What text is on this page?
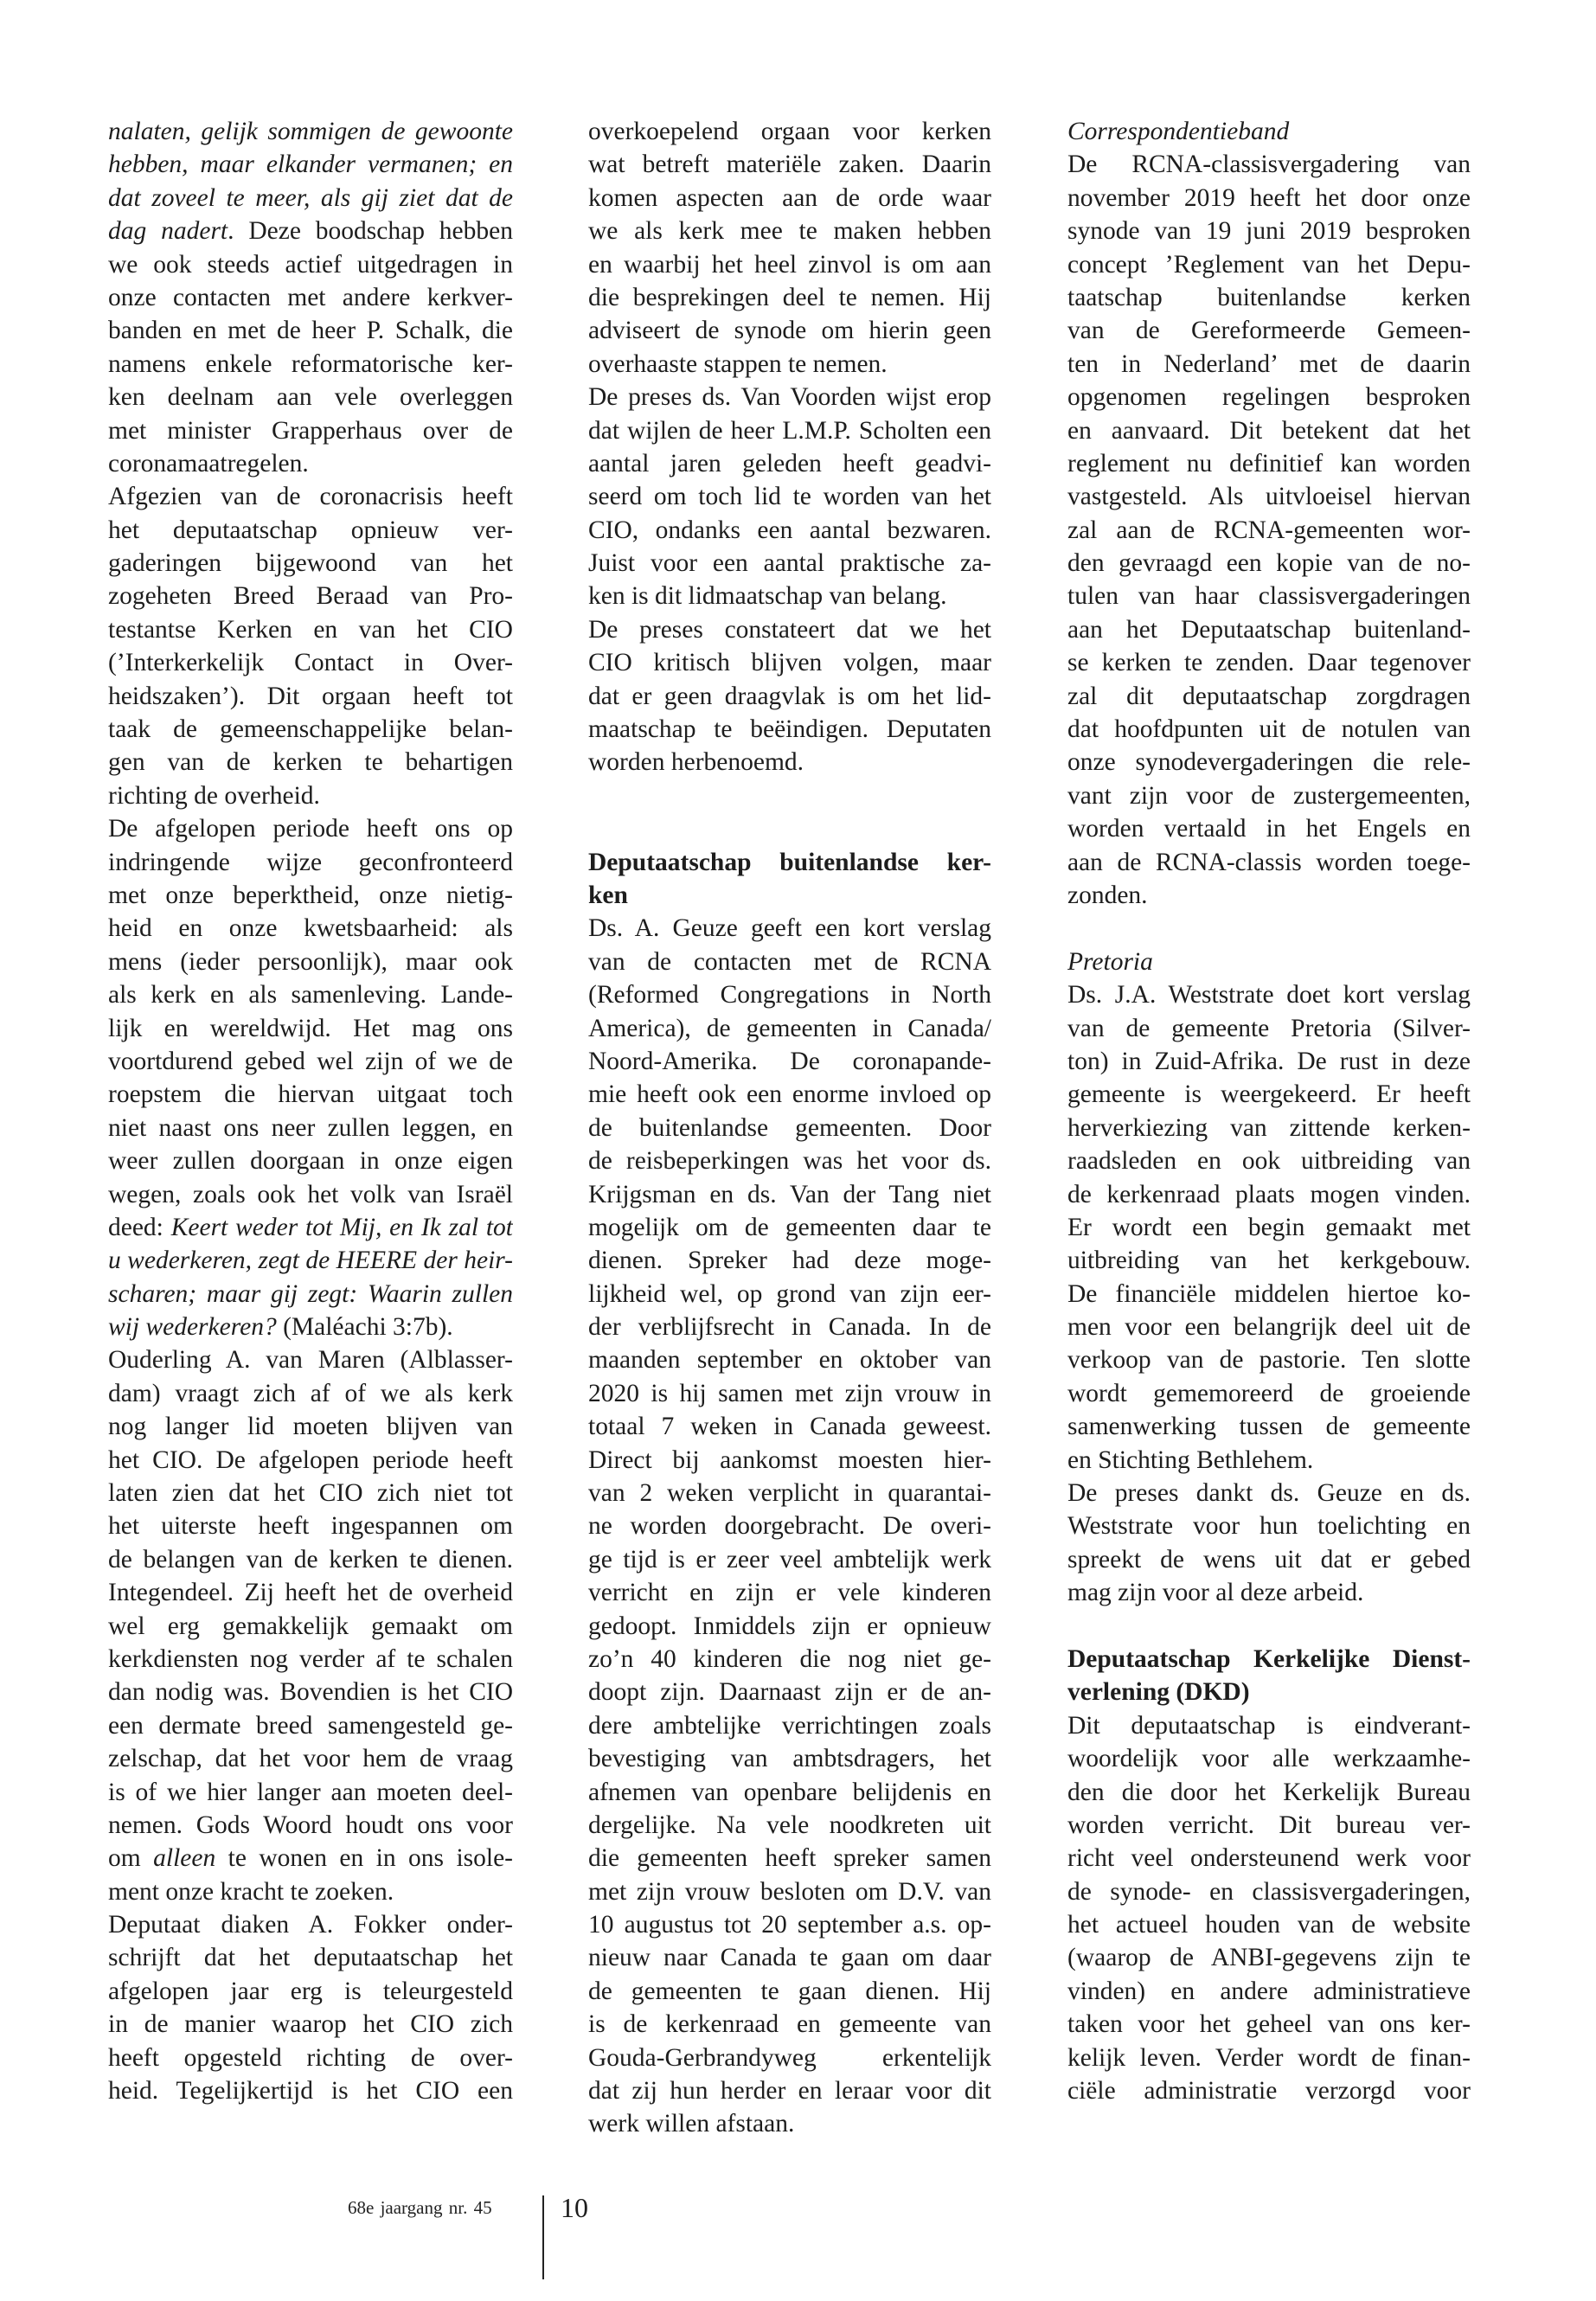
nalaten, gelijk sommigen de gewoonte
hebben, maar elkander vermanen; en
dat zoveel te meer, als gij ziet dat de
dag nadert. Deze boodschap hebben
we ook steeds actief uitgedragen in
onze contacten met andere kerkver-
banden en met de heer P. Schalk, die
namens enkele reformatorische ker-
ken deelnam aan vele overleggen
met minister Grapperhaus over de
coronamaatregelen.
Afgezien van de coronacrisis heeft
het deputaatschap opnieuw ver-
gaderingen bijgewoond van het
zogeheten Breed Beraad van Pro-
testantse Kerken en van het CIO
(’Interkerkelijk Contact in Over-
heidszaken’). Dit orgaan heeft tot
taak de gemeenschappelijke belan-
gen van de kerken te behartigen
richting de overheid.
De afgelopen periode heeft ons op
indringende wijze geconfronteerd
met onze beperktheid, onze nietig-
heid en onze kwetsbaarheid: als
mens (ieder persoonlijk), maar ook
als kerk en als samenleving. Lande-
lijk en wereldwijd. Het mag ons
voortdurend gebed wel zijn of we de
roepstem die hiervan uitgaat toch
niet naast ons neer zullen leggen, en
weer zullen doorgaan in onze eigen
wegen, zoals ook het volk van Israël
deed: Keert weder tot Mij, en Ik zal tot
u wederkeren, zegt de HEERE der heir-
scharen; maar gij zegt: Waarin zullen
wij wederkeren? (Maléachi 3:7b).
Ouderling A. van Maren (Alblasser-
dam) vraagt zich af of we als kerk
nog langer lid moeten blijven van
het CIO. De afgelopen periode heeft
laten zien dat het CIO zich niet tot
het uiterste heeft ingespannen om
de belangen van de kerken te dienen.
Integendeel. Zij heeft het de overheid
wel erg gemakkelijk gemaakt om
kerkdiensten nog verder af te schalen
dan nodig was. Bovendien is het CIO
een dermate breed samengesteld ge-
zelschap, dat het voor hem de vraag
is of we hier langer aan moeten deel-
nemen. Gods Woord houdt ons voor
om alleen te wonen en in ons isole-
ment onze kracht te zoeken.
Deputaat diaken A. Fokker onder-
schrijft dat het deputaatschap het
afgelopen jaar erg is teleurgesteld
in de manier waarop het CIO zich
heeft opgesteld richting de over-
heid. Tegelijkertijd is het CIO een
overkoepelend orgaan voor kerken
wat betreft materiële zaken. Daarin
komen aspecten aan de orde waar
we als kerk mee te maken hebben
en waarbij het heel zinvol is om aan
die besprekingen deel te nemen. Hij
adviseert de synode om hierin geen
overhaaste stappen te nemen.
De preses ds. Van Voorden wijst erop
dat wijlen de heer L.M.P. Scholten een
aantal jaren geleden heeft geadvi-
seerd om toch lid te worden van het
CIO, ondanks een aantal bezwaren.
Juist voor een aantal praktische za-
ken is dit lidmaatschap van belang.
De preses constateert dat we het
CIO kritisch blijven volgen, maar
dat er geen draagvlak is om het lid-
maatschap te beëindigen. Deputaten
worden herbenoemd.
Deputaatschap buitenlandse ker-
ken
Ds. A. Geuze geeft een kort verslag
van de contacten met de RCNA
(Reformed Congregations in North
America), de gemeenten in Canada/
Noord-Amerika. De coronapande-
mie heeft ook een enorme invloed op
de buitenlandse gemeenten. Door
de reisbeperkingen was het voor ds.
Krijgsman en ds. Van der Tang niet
mogelijk om de gemeenten daar te
dienen. Spreker had deze moge-
lijkheid wel, op grond van zijn eer-
der verblijfsrecht in Canada. In de
maanden september en oktober van
2020 is hij samen met zijn vrouw in
totaal 7 weken in Canada geweest.
Direct bij aankomst moesten hier-
van 2 weken verplicht in quarantai-
ne worden doorgebracht. De overi-
ge tijd is er zeer veel ambtelijk werk
verricht en zijn er vele kinderen
gedoopt. Inmiddels zijn er opnieuw
zo’n 40 kinderen die nog niet ge-
doopt zijn. Daarnaast zijn er de an-
dere ambtelijke verrichtingen zoals
bevestiging van ambtsdragers, het
afnemen van openbare belijdenis en
dergelijke. Na vele noodkreten uit
die gemeenten heeft spreker samen
met zijn vrouw besloten om D.V. van
10 augustus tot 20 september a.s. op-
nieuw naar Canada te gaan om daar
de gemeenten te gaan dienen. Hij
is de kerkenraad en gemeente van
Gouda-Gerbrandyweg erkentelijk
dat zij hun herder en leraar voor dit
werk willen afstaan.
Correspondentieband
De RCNA-classisvergadering van
november 2019 heeft het door onze
synode van 19 juni 2019 besproken
concept ’Reglement van het Depu-
taatschap buitenlandse kerken
van de Gereformeerde Gemeen-
ten in Nederland’ met de daarin
opgenomen regelingen besproken
en aanvaard. Dit betekent dat het
reglement nu definitief kan worden
vastgesteld. Als uitvloeisel hiervan
zal aan de RCNA-gemeenten wor-
den gevraagd een kopie van de no-
tulen van haar classisvergaderingen
aan het Deputaatschap buitenland-
se kerken te zenden. Daar tegenover
zal dit deputaatschap zorgdragen
dat hoofdpunten uit de notulen van
onze synodevergaderingen die rele-
vant zijn voor de zustergemeenten,
worden vertaald in het Engels en
aan de RCNA-classis worden toege-
zonden.
Pretoria
Ds. J.A. Weststrate doet kort verslag
van de gemeente Pretoria (Silver-
ton) in Zuid-Afrika. De rust in deze
gemeente is weergekeerd. Er heeft
herverkiezing van zittende kerken-
raadsleden en ook uitbreiding van
de kerkenraad plaats mogen vinden.
Er wordt een begin gemaakt met
uitbreiding van het kerkgebouw.
De financiële middelen hiertoe ko-
men voor een belangrijk deel uit de
verkoop van de pastorie. Ten slotte
wordt gememoreerd de groeiende
samenwerking tussen de gemeente
en Stichting Bethlehem.
De preses dankt ds. Geuze en ds.
Weststrate voor hun toelichting en
spreekt de wens uit dat er gebed
mag zijn voor al deze arbeid.
Deputaatschap Kerkelijke Dienst-
verlening (DKD)
Dit deputaatschap is eindverant-
woordelijk voor alle werkzaamhe-
den die door het Kerkelijk Bureau
worden verricht. Dit bureau ver-
richt veel ondersteunend werk voor
de synode- en classisvergaderingen,
het actueel houden van de website
(waarop de ANBI-gegevens zijn te
vinden) en andere administratieve
taken voor het geheel van ons ker-
kelijk leven. Verder wordt de finan-
ciële administratie verzorgd voor
68e jaargang nr. 45 10
